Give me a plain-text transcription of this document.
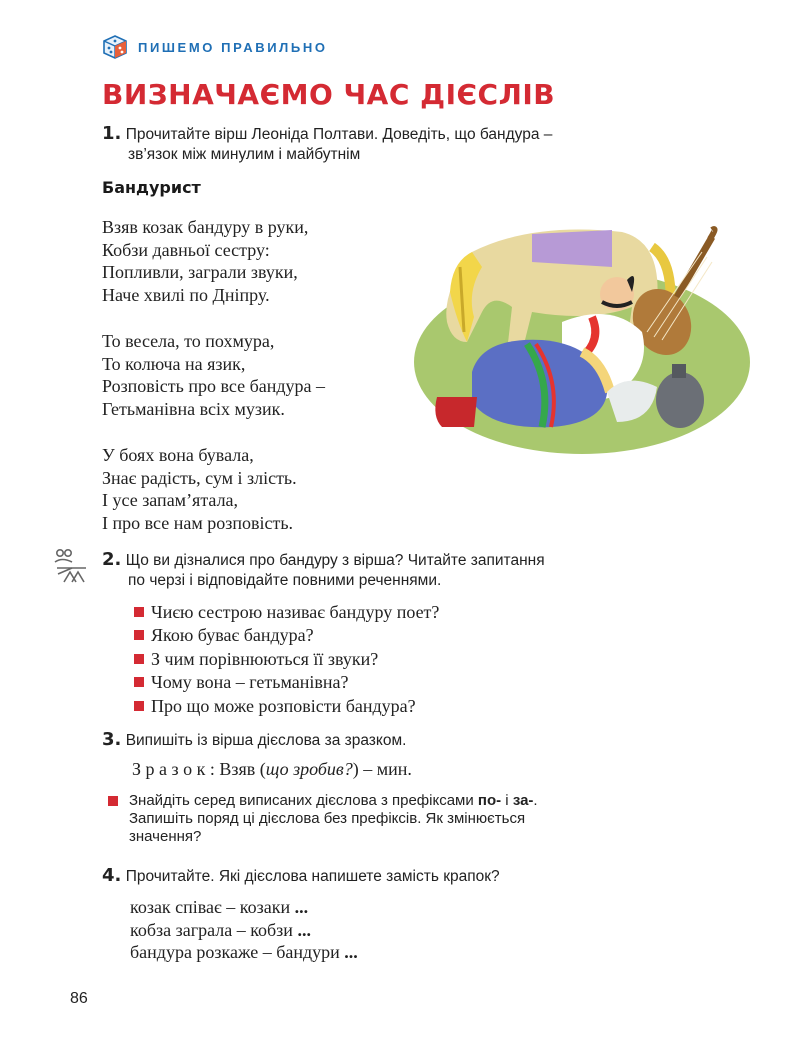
ПИШЕМО ПРАВИЛЬНО
ВИЗНАЧАЄМО ЧАС ДІЄСЛІВ
1. Прочитайте вірш Леоніда Полтави. Доведіть, що бандура –
зв’язок між минулим і майбутнім
Бандурист
Взяв козак бандуру в руки,
Кобзи давньої сестру:
Попливли, заграли звуки,
Наче хвилі по Дніпру.
То весела, то похмура,
То колюча на язик,
Розповість про все бандура –
Гетьманівна всіх музик.
У боях вона бувала,
Знає радість, сум і злість.
І усе запам’ятала,
І про все нам розповість.
2. Що ви дізналися про бандуру з вірша? Читайте запитання
по черзі і відповідайте повними реченнями.
Чиєю сестрою називає бандуру поет?
Якою буває бандура?
З чим порівнюються її звуки?
Чому вона – гетьманівна?
Про що може розповісти бандура?
3. Випишіть із вірша дієслова за зразком.
З р а з о к : Взяв (що зробив?) – мин.
Знайдіть серед виписаних дієслова з префіксами по- і за-.
Запишіть поряд ці дієслова без префіксів. Як змінюється
значення?
4. Прочитайте. Які дієслова напишете замість крапок?
козак співає – козаки ...
кобза заграла – кобзи ...
бандура розкаже – бандури ...
86
